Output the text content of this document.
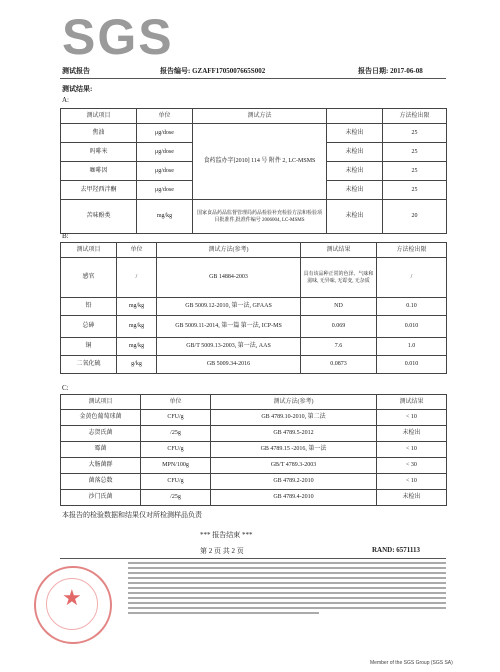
SGS
测试报告	报告编号: GZAFF1705007665S002	报告日期: 2017-06-08
测试结果:
A:
测试项目	单位	测试方法		方法检出限
焦油	μg/dose	食药监办字[2010] 114 号 附件 2, LC-MSMS	未检出	25
吗啡米	μg/dose		未检出	25
咖啡因	μg/dose		未检出	25
去甲羟西泮酮	μg/dose		未检出	25
苦味酚类	mg/kg	国家食品药品监督管理局药品检验补充检验方法和检验项目批准件,批准件编号 2006004, LC-MSMS	未检出	20
B:
测试项目	单位	测试方法(参考)	测试结果	方法检出限
感官	/	GB 14884-2003	具有该品种正常的色泽、气味和滋味, 无异味, 无霉变, 无杂质	/
铅	mg/kg	GB 5009.12-2010, 第一法, GFAAS	ND	0.10
总砷	mg/kg	GB 5009.11-2014, 第一篇 第一法, ICP-MS	0.069	0.010
铜	mg/kg	GB/T 5009.13-2003, 第一法, AAS	7.6	1.0
二氧化硫	g/kg	GB 5009.34-2016	0.0873	0.010
C:
测试项目	单位	测试方法(参考)	测试结果
金黄色葡萄球菌	CFU/g	GB 4789.10-2010, 第二法	< 10
志贺氏菌	/25g	GB 4789.5-2012	未检出
霉菌	CFU/g	GB 4789.15 -2016, 第一法	< 10
大肠菌群	MPN/100g	GB/T 4789.3-2003	< 30
菌落总数	CFU/g	GB 4789.2-2010	< 10
沙门氏菌	/25g	GB 4789.4-2010	未检出
本报告的检验数据和结果仅对所检测样品负责
*** 报告结束 ***
第 2 页 共 2 页	RAND: 6571113
★
Member of the SGS Group (SGS SA)
